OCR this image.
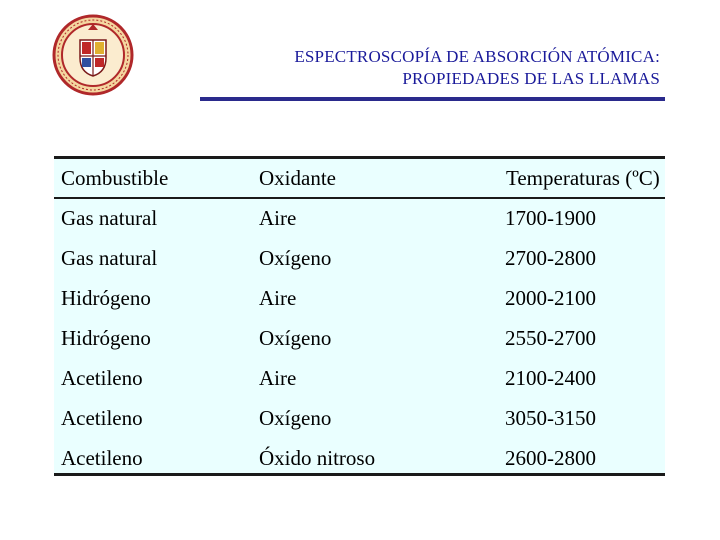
ESPECTROSCOPÍA DE ABSORCIÓN ATÓMICA:
PROPIEDADES DE LAS LLAMAS
Combustible	Oxidante	Temperaturas (ºC)
Gas natural	Aire	1700-1900
Gas natural	Oxígeno	2700-2800
Hidrógeno	Aire	2000-2100
Hidrógeno	Oxígeno	2550-2700
Acetileno	Aire	2100-2400
Acetileno	Oxígeno	3050-3150
Acetileno	Óxido nitroso	2600-2800
